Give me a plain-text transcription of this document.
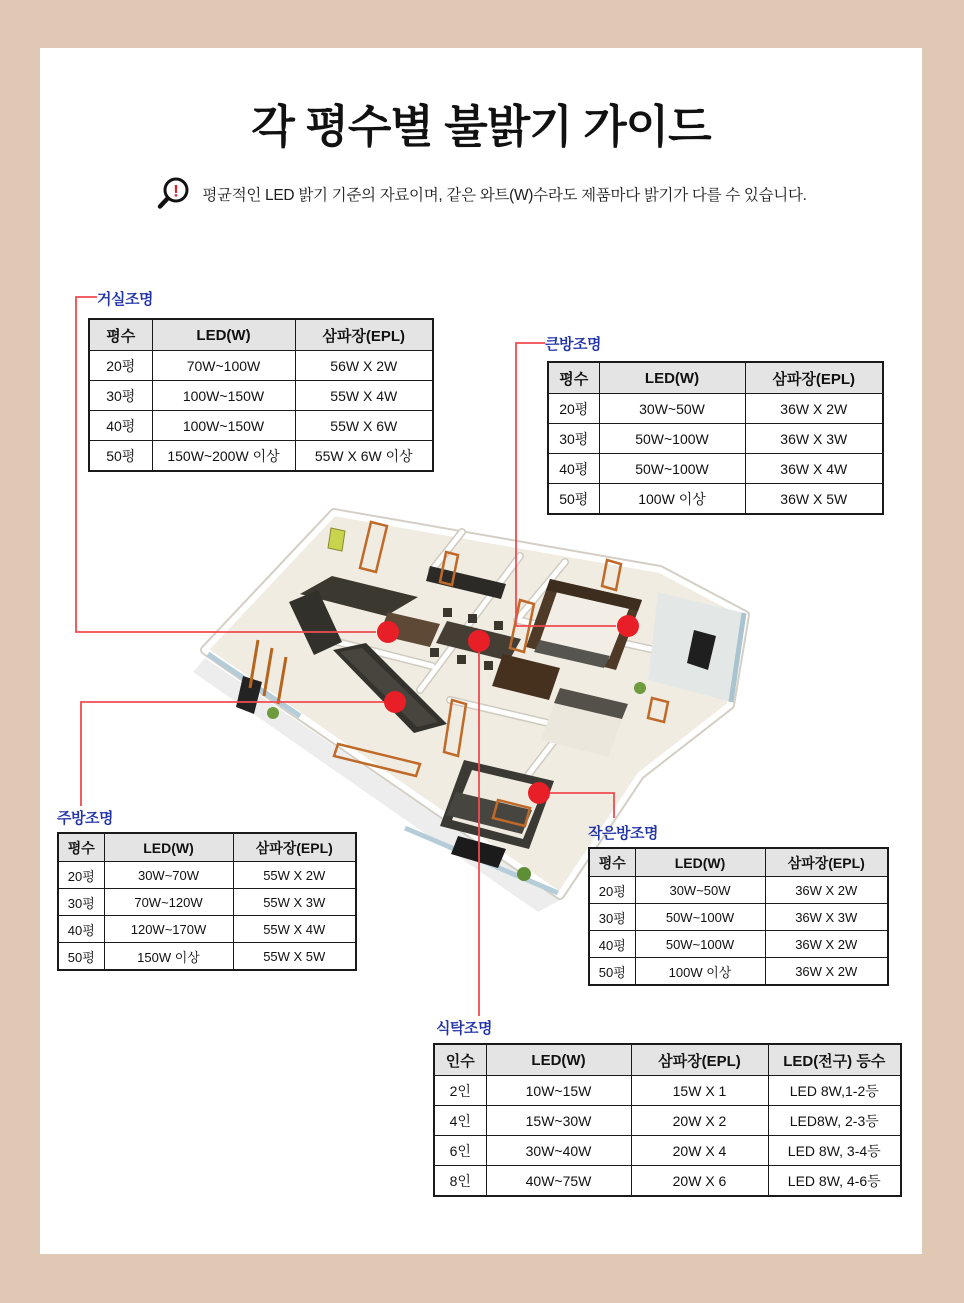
각 평수별 불밝기 가이드
! 평균적인 LED 밝기 기준의 자료이며, 같은 와트(W)수라도 제품마다 밝기가 다를 수 있습니다.
거실조명
평수	LED(W)	삼파장(EPL)
20평	70W~100W	56W X 2W
30평	100W~150W	55W X 4W
40평	100W~150W	55W X 6W
50평	150W~200W 이상	55W X 6W 이상
큰방조명
평수	LED(W)	삼파장(EPL)
20평	30W~50W	36W X 2W
30평	50W~100W	36W X 3W
40평	50W~100W	36W X 4W
50평	100W 이상	36W X 5W
주방조명
평수	LED(W)	삼파장(EPL)
20평	30W~70W	55W X 2W
30평	70W~120W	55W X 3W
40평	120W~170W	55W X 4W
50평	150W 이상	55W X 5W
작은방조명
평수	LED(W)	삼파장(EPL)
20평	30W~50W	36W X 2W
30평	50W~100W	36W X 3W
40평	50W~100W	36W X 2W
50평	100W 이상	36W X 2W
식탁조명
인수	LED(W)	삼파장(EPL)	LED(전구) 등수
2인	10W~15W	15W X 1	LED 8W,1-2등
4인	15W~30W	20W X 2	LED8W, 2-3등
6인	30W~40W	20W X 4	LED 8W, 3-4등
8인	40W~75W	20W X 6	LED 8W, 4-6등
